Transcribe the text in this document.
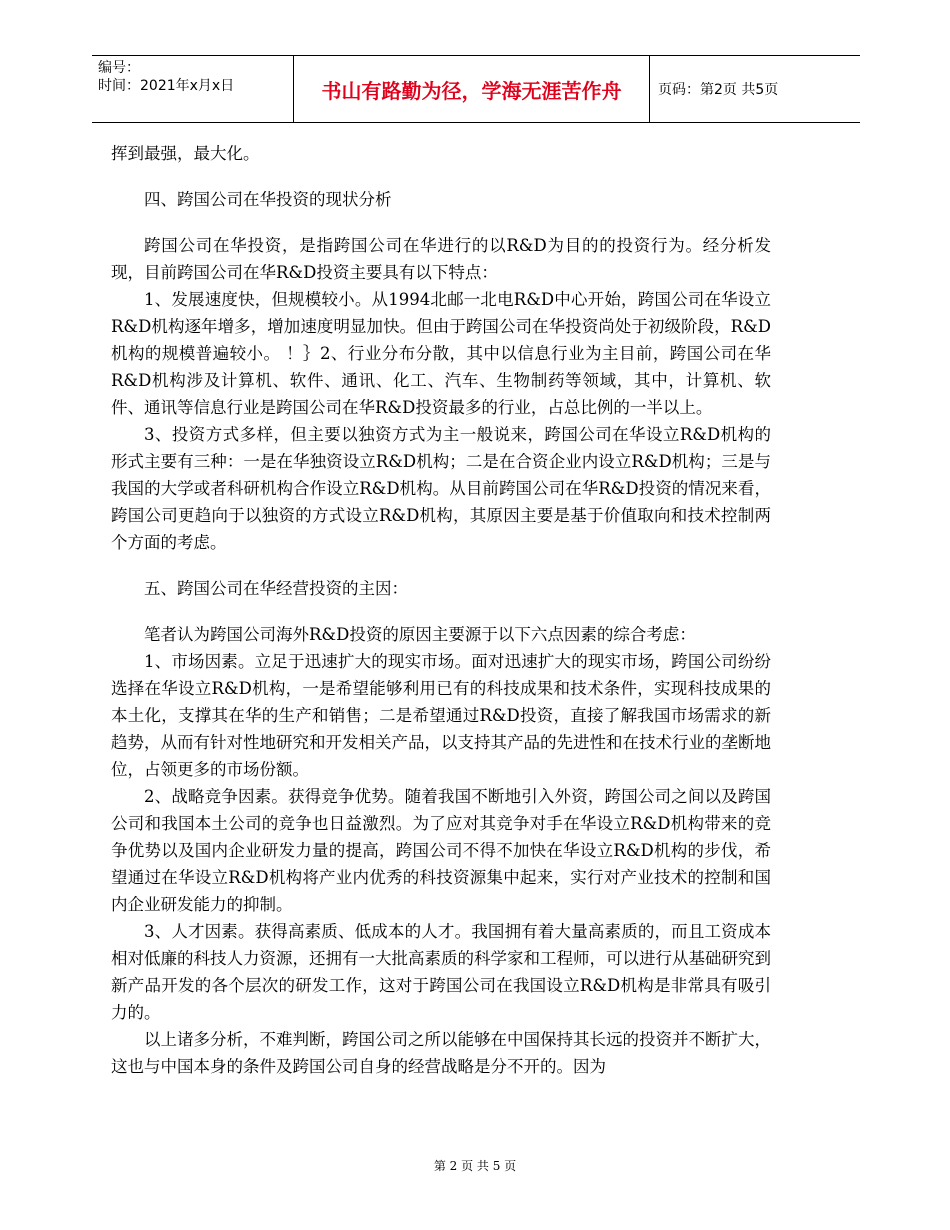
编号：
时间：2021年x月x日	书山有路勤为径，学海无涯苦作舟	页码：第2页 共5页

挥到最强，最大化。

四、跨国公司在华投资的现状分析

跨国公司在华投资，是指跨国公司在华进行的以R&D为目的的投资行为。经分析发现，目前跨国公司在华R&D投资主要具有以下特点：

1、发展速度快，但规模较小。从1994北邮一北电R&D中心开始，跨国公司在华设立R&D机构逐年增多，增加速度明显加快。但由于跨国公司在华投资尚处于初级阶段，R&D机构的规模普遍较小。 ！｝2、行业分布分散，其中以信息行业为主目前，跨国公司在华R&D机构涉及计算机、软件、通讯、化工、汽车、生物制药等领域，其中，计算机、软件、通讯等信息行业是跨国公司在华R&D投资最多的行业，占总比例的一半以上。

3、投资方式多样，但主要以独资方式为主一般说来，跨国公司在华设立R&D机构的形式主要有三种：一是在华独资设立R&D机构；二是在合资企业内设立R&D机构；三是与我国的大学或者科研机构合作设立R&D机构。从目前跨国公司在华R&D投资的情况来看，跨国公司更趋向于以独资的方式设立R&D机构，其原因主要是基于价值取向和技术控制两个方面的考虑。

五、跨国公司在华经营投资的主因：

笔者认为跨国公司海外R&D投资的原因主要源于以下六点因素的综合考虑：

1、市场因素。立足于迅速扩大的现实市场。面对迅速扩大的现实市场，跨国公司纷纷选择在华设立R&D机构，一是希望能够利用已有的科技成果和技术条件，实现科技成果的本土化，支撑其在华的生产和销售；二是希望通过R&D投资，直接了解我国市场需求的新趋势，从而有针对性地研究和开发相关产品，以支持其产品的先进性和在技术行业的垄断地位，占领更多的市场份额。

2、战略竞争因素。获得竞争优势。随着我国不断地引入外资，跨国公司之间以及跨国公司和我国本土公司的竞争也日益激烈。为了应对其竞争对手在华设立R&D机构带来的竞争优势以及国内企业研发力量的提高，跨国公司不得不加快在华设立R&D机构的步伐，希望通过在华设立R&D机构将产业内优秀的科技资源集中起来，实行对产业技术的控制和国内企业研发能力的抑制。

3、人才因素。获得高素质、低成本的人才。我国拥有着大量高素质的，而且工资成本相对低廉的科技人力资源，还拥有一大批高素质的科学家和工程师，可以进行从基础研究到新产品开发的各个层次的研发工作，这对于跨国公司在我国设立R&D机构是非常具有吸引力的。

以上诸多分析，不难判断，跨国公司之所以能够在中国保持其长远的投资并不断扩大，这也与中国本身的条件及跨国公司自身的经营战略是分不开的。因为

第 2 页 共 5 页
